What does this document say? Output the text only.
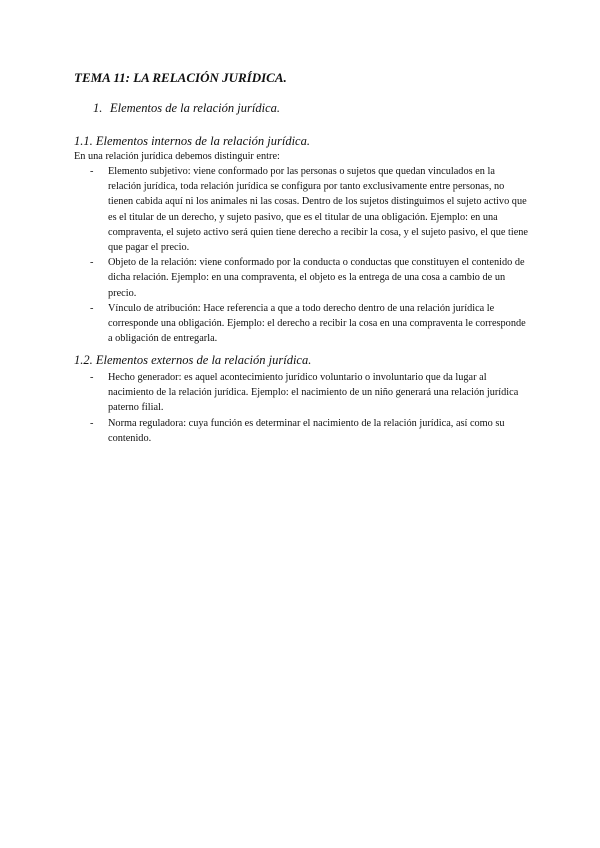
TEMA 11: LA RELACIÓN JURÍDICA.
1. Elementos de la relación jurídica.
1.1. Elementos internos de la relación jurídica.
En una relación jurídica debemos distinguir entre:
- Elemento subjetivo: viene conformado por las personas o sujetos que quedan vinculados en la relación jurídica, toda relación jurídica se configura por tanto exclusivamente entre personas, no tienen cabida aquí ni los animales ni las cosas. Dentro de los sujetos distinguimos el sujeto activo que es el titular de un derecho, y sujeto pasivo, que es el titular de una obligación. Ejemplo: en una compraventa, el sujeto activo será quien tiene derecho a recibir la cosa, y el sujeto pasivo, el que tiene que pagar el precio.
- Objeto de la relación: viene conformado por la conducta o conductas que constituyen el contenido de dicha relación. Ejemplo: en una compraventa, el objeto es la entrega de una cosa a cambio de un precio.
- Vínculo de atribución: Hace referencia a que a todo derecho dentro de una relación jurídica le corresponde una obligación. Ejemplo: el derecho a recibir la cosa en una compraventa le corresponde a obligación de entregarla.
1.2. Elementos externos de la relación jurídica.
- Hecho generador: es aquel acontecimiento jurídico voluntario o involuntario que da lugar al nacimiento de la relación jurídica. Ejemplo: el nacimiento de un niño generará una relación jurídica paterno filial.
- Norma reguladora: cuya función es determinar el nacimiento de la relación jurídica, así como su contenido.
